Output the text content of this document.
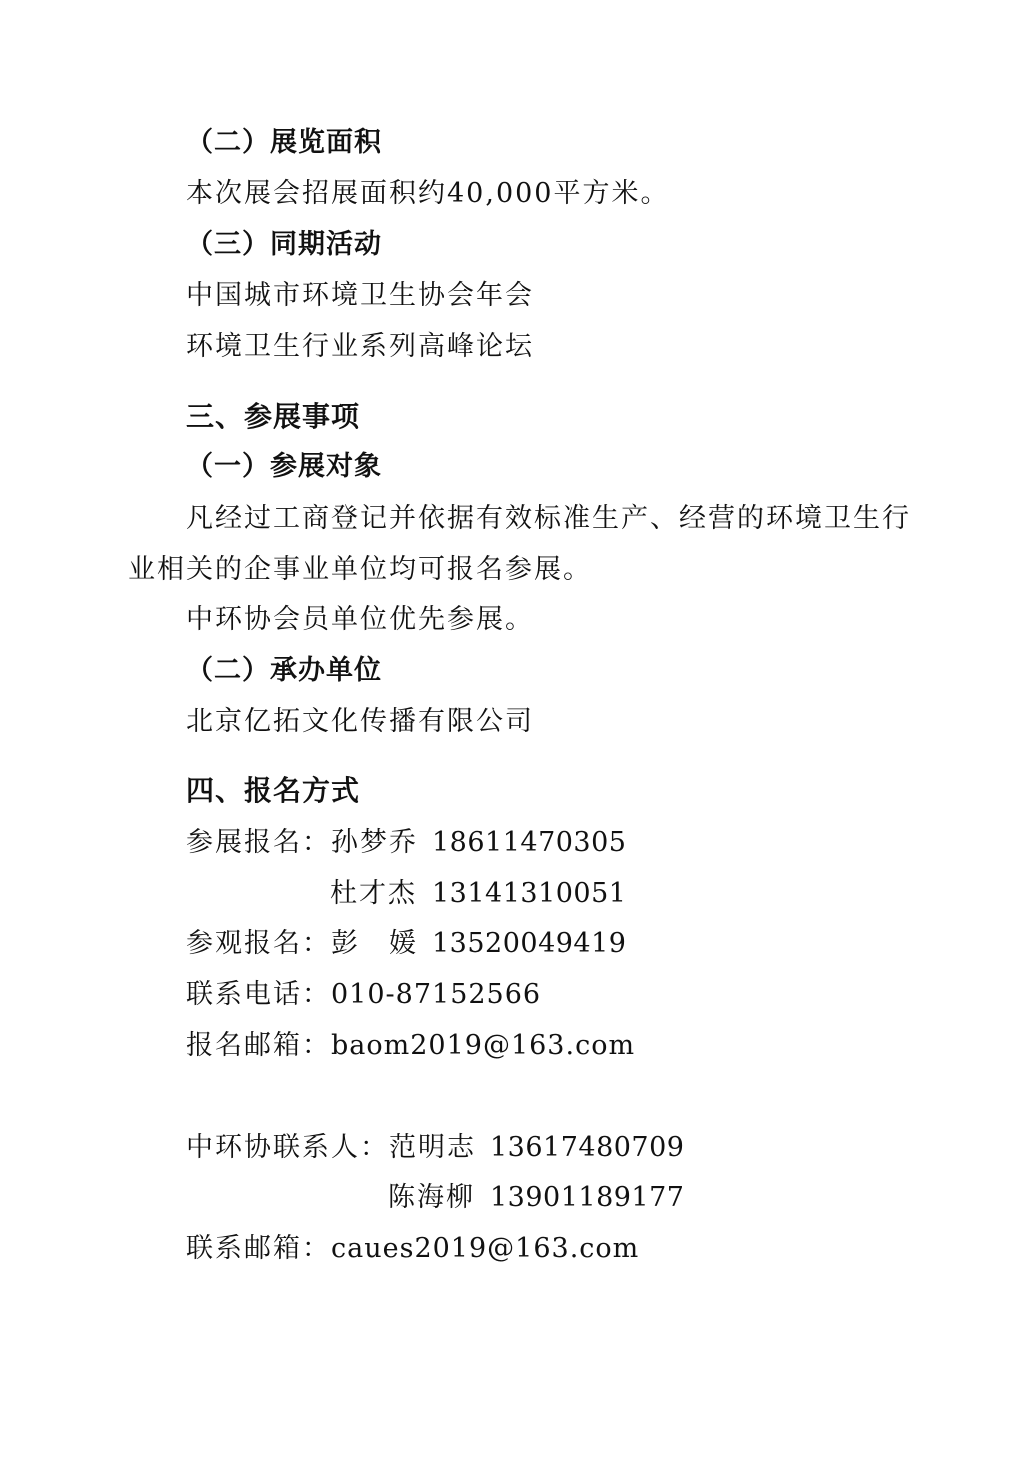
（二）展览面积
本次展会招展面积约40,000平方米。
（三）同期活动
中国城市环境卫生协会年会
环境卫生行业系列高峰论坛
三、参展事项
（一）参展对象
凡经过工商登记并依据有效标准生产、经营的环境卫生行
业相关的企事业单位均可报名参展。
中环协会员单位优先参展。
（二）承办单位
北京亿拓文化传播有限公司
四、报名方式
参展报名：孙梦乔 18611470305
杜才杰 13141310051
参观报名：彭　媛 13520049419
联系电话：010-87152566
报名邮箱：baom2019@163.com
中环协联系人：范明志 13617480709
陈海柳 13901189177
联系邮箱：caues2019@163.com
